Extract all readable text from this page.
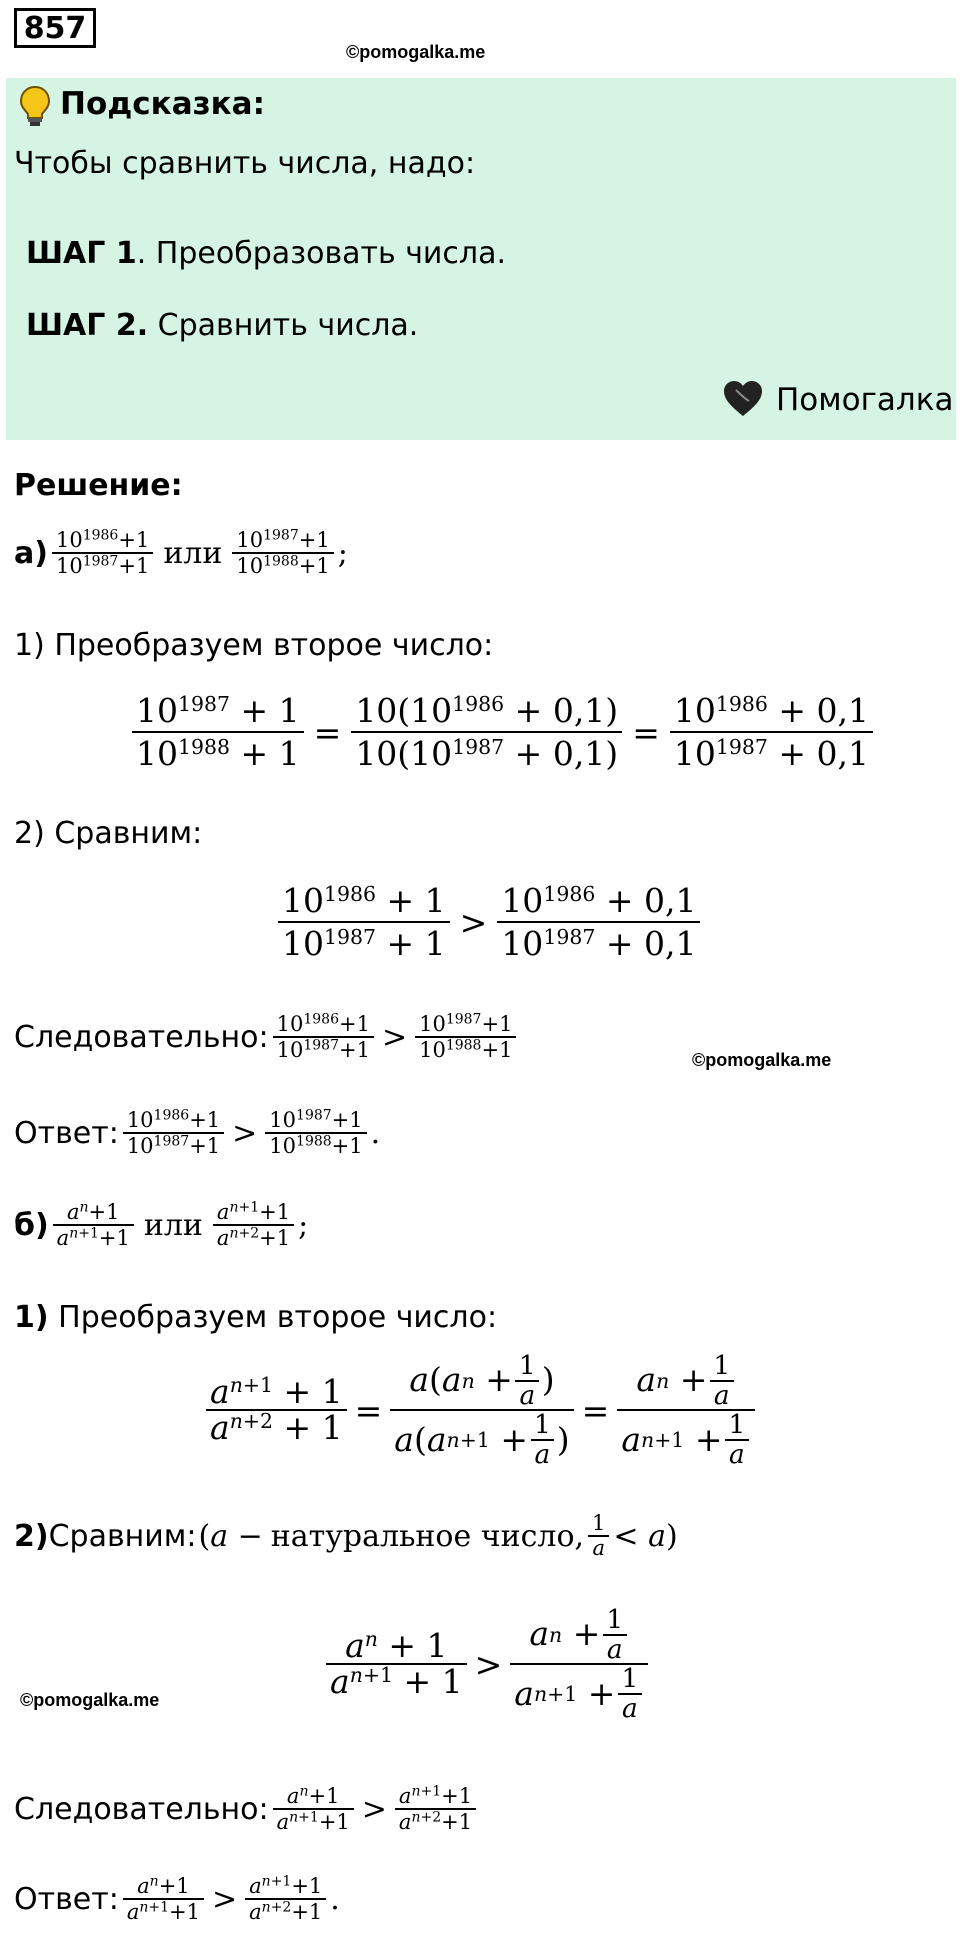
857
©pomogalka.me
Подсказка:
Чтобы сравнить числа, надо:
ШАГ 1. Преобразовать числа.
ШАГ 2. Сравнить числа.
Помогалка
Решение:
$а) \frac{10^{1986}+1}{10^{1987}+1}$ или $\frac{10^{1987}+1}{10^{1988}+1}$ ;
1) Преобразуем второе число:
$\frac{10^{1987} + 1}{10^{1988} + 1} = \frac{10(10^{1986} + 0,1)}{10(10^{1987} + 0,1)} = \frac{10^{1986} + 0,1}{10^{1987} + 0,1}$
2) Сравним:
$\frac{10^{1986} + 1}{10^{1987} + 1} > \frac{10^{1986} + 0,1}{10^{1987} + 0,1}$
Следовательно: $\frac{10^{1986}+1}{10^{1987}+1} > \frac{10^{1987}+1}{10^{1988}+1}$	©pomogalka.me
Ответ: $\frac{10^{1986}+1}{10^{1987}+1} > \frac{10^{1987}+1}{10^{1988}+1}$ .
$б) \frac{a^n+1}{a^{n+1}+1}$ или $\frac{a^{n+1}+1}{a^{n+2}+1}$ ;
1) Преобразуем второе число:
$\frac{a^{n+1} + 1}{a^{n+2} + 1} = \frac{a ( a n + \frac{1}{a} )}{a ( a n+1 + \frac{1}{a} )} = \frac{a n + \frac{1}{a}}{a n+1 + \frac{1}{a}}$
2) Сравним: (a − натуральное число, $\frac{1}{a} < a$)
$\frac{a^n + 1}{a^{n+1} + 1} > \frac{a n + \frac{1}{a}}{a n+1 + \frac{1}{a}}$
©pomogalka.me
Следовательно: $\frac{a^n+1}{a^{n+1}+1} > \frac{a^{n+1}+1}{a^{n+2}+1}$
Ответ: $\frac{a^n+1}{a^{n+1}+1} > \frac{a^{n+1}+1}{a^{n+2}+1}$ .
